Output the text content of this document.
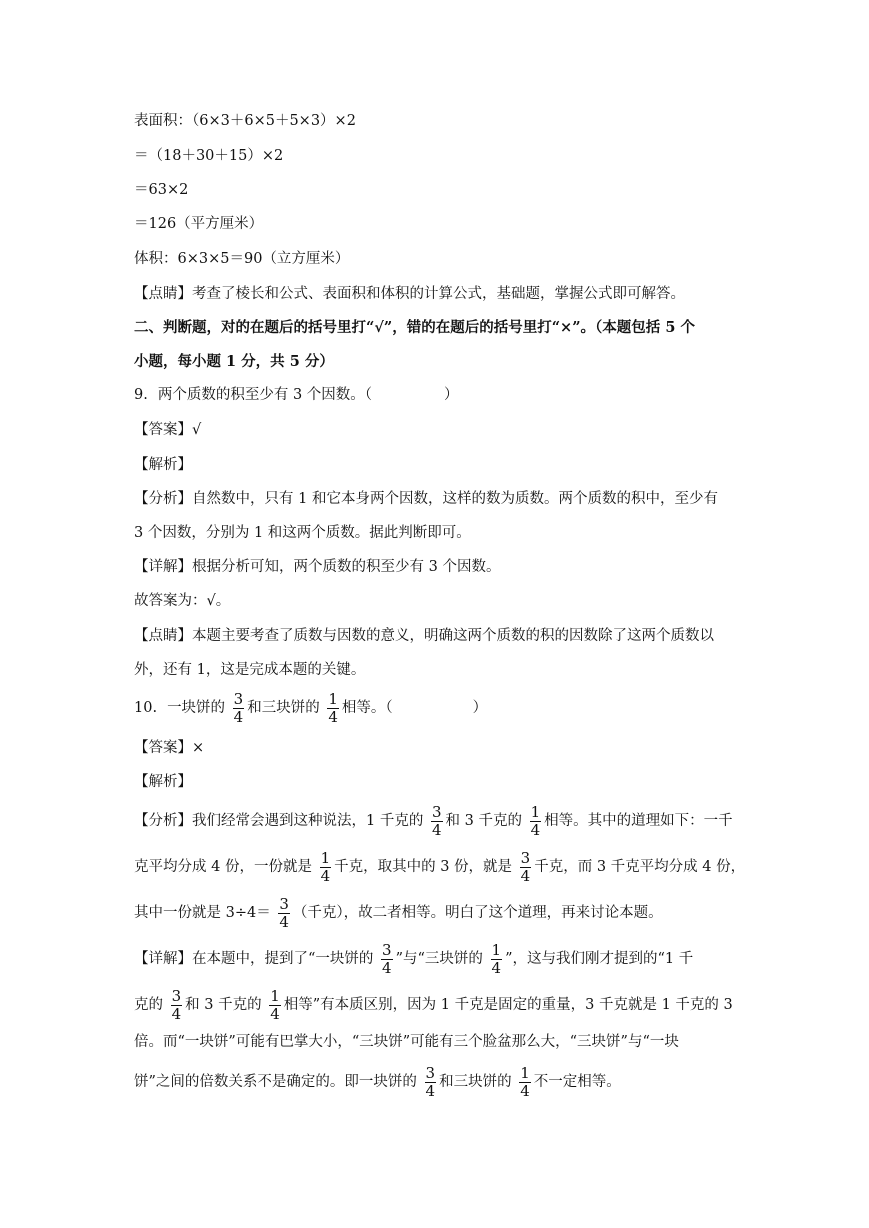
表面积：（6×3＋6×5＋5×3）×2
＝（18＋30＋15）×2
＝63×2
＝126（平方厘米）
体积：6×3×5＝90（立方厘米）
【点睛】考查了棱长和公式、表面积和体积的计算公式，基础题，掌握公式即可解答。
二、判断题，对的在题后的括号里打“√”，错的在题后的括号里打“×”。（本题包括 5 个
小题，每小题 1 分，共 5 分）
9. 两个质数的积至少有 3 个因数。（	）
【答案】√
【解析】
【分析】自然数中，只有 1 和它本身两个因数，这样的数为质数。两个质数的积中，至少有
3 个因数，分别为 1 和这两个质数。据此判断即可。
【详解】根据分析可知，两个质数的积至少有 3 个因数。
故答案为：√。
【点睛】本题主要考查了质数与因数的意义，明确这两个质数的积的因数除了这两个质数以
外，还有 1，这是完成本题的关键。
10. 一块饼的 $\frac{3}{4}$ 和三块饼的 $\frac{1}{4}$ 相等。（	）
【答案】×
【解析】
【分析】我们经常会遇到这种说法，1 千克的 $\frac{3}{4}$ 和 3 千克的 $\frac{1}{4}$ 相等。其中的道理如下：一千
克平均分成 4 份，一份就是 $\frac{1}{4}$ 千克，取其中的 3 份，就是 $\frac{3}{4}$ 千克，而 3 千克平均分成 4 份，
其中一份就是 $3\div 4= \frac{3}{4}$ （千克），故二者相等。明白了这个道理，再来讨论本题。
【详解】在本题中，提到了“一块饼的 $\frac{3}{4}$ ”与“三块饼的 $\frac{1}{4}$ ”，这与我们刚才提到的“1 千
克的 $\frac{3}{4}$ 和 3 千克的 $\frac{1}{4}$ 相等”有本质区别，因为 1 千克是固定的重量，3 千克就是 1 千克的 3
倍。而“一块饼”可能有巴掌大小，“三块饼”可能有三个脸盆那么大，“三块饼”与“一块
饼”之间的倍数关系不是确定的。即一块饼的 $\frac{3}{4}$ 和三块饼的 $\frac{1}{4}$ 不一定相等。
